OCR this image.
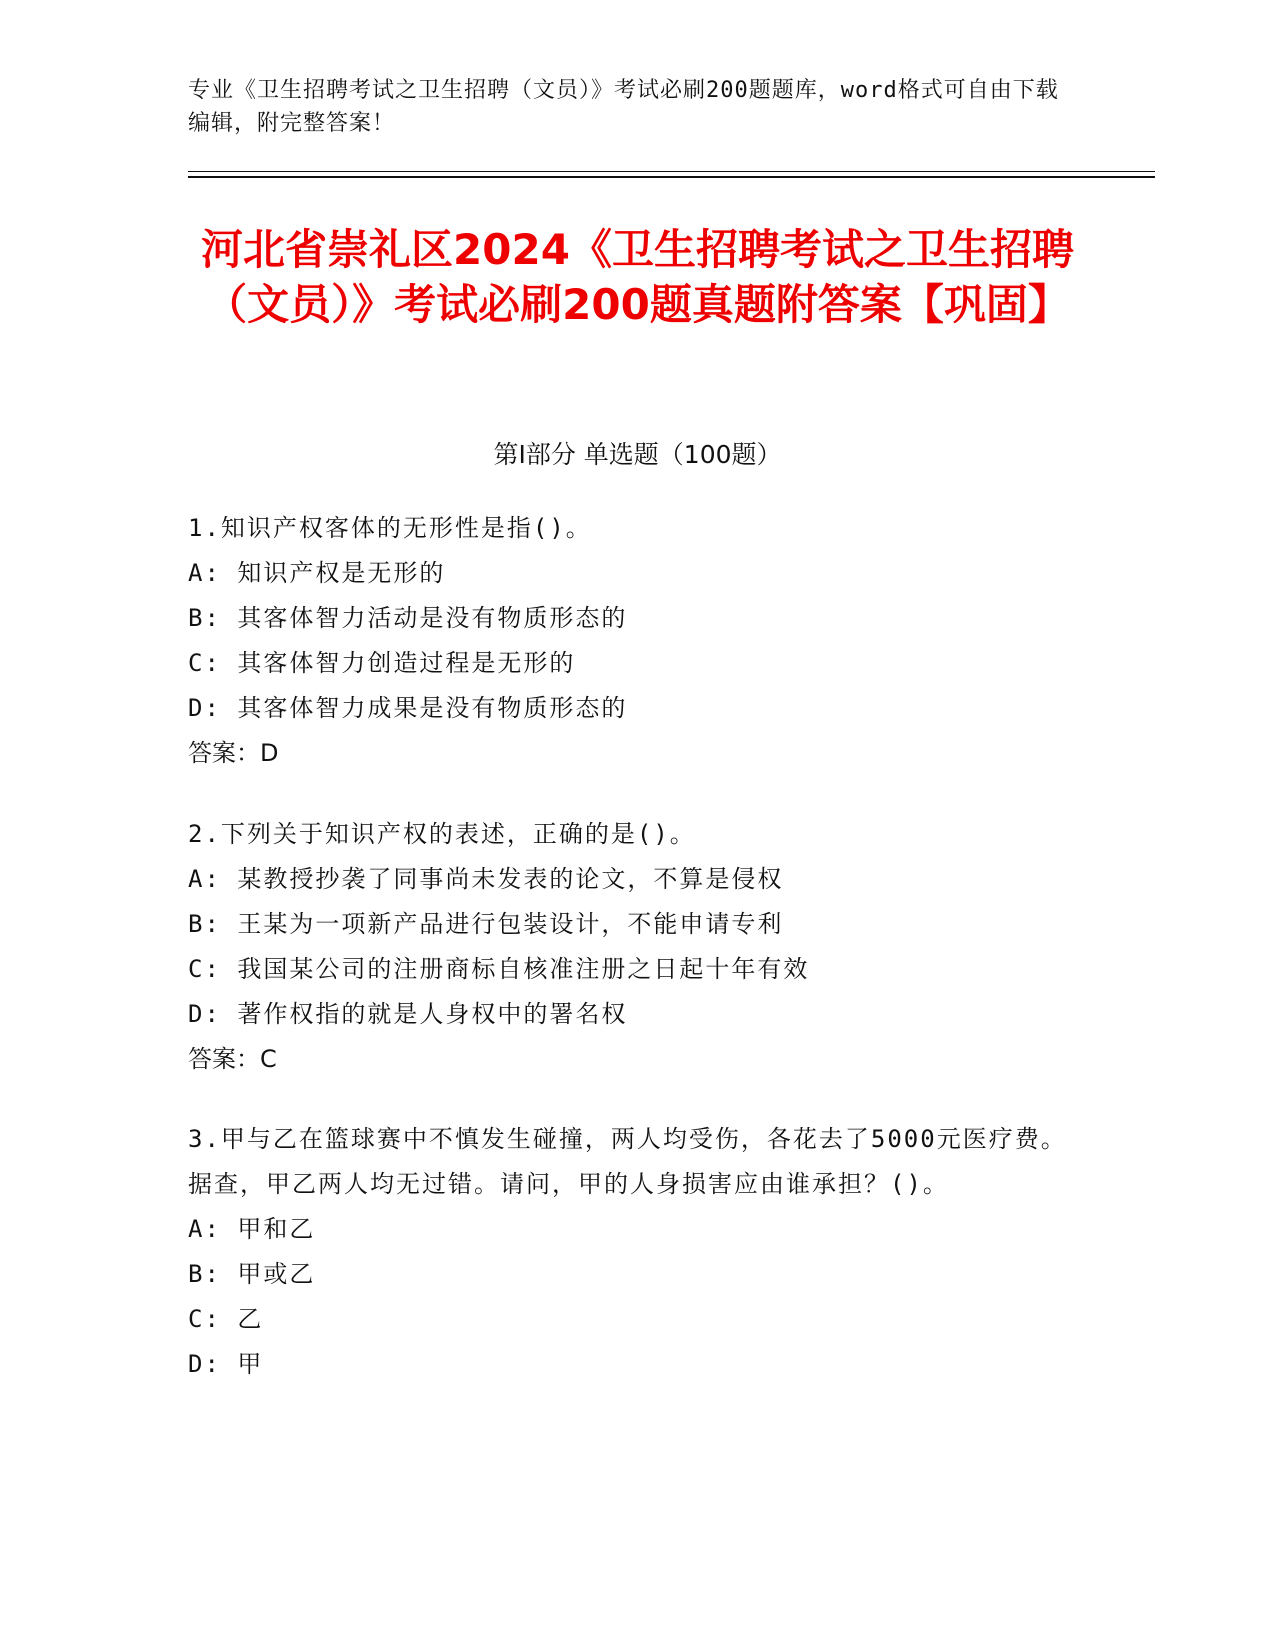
专业《卫生招聘考试之卫生招聘（文员）》考试必刷200题题库，word格式可自由下载编辑，附完整答案！
河北省崇礼区2024《卫生招聘考试之卫生招聘（文员）》考试必刷200题真题附答案【巩固】
第Ⅰ部分 单选题（100题）
1.知识产权客体的无形性是指()。
A: 知识产权是无形的
B: 其客体智力活动是没有物质形态的
C: 其客体智力创造过程是无形的
D: 其客体智力成果是没有物质形态的
答案：D
2.下列关于知识产权的表述，正确的是()。
A: 某教授抄袭了同事尚未发表的论文，不算是侵权
B: 王某为一项新产品进行包装设计，不能申请专利
C: 我国某公司的注册商标自核准注册之日起十年有效
D: 著作权指的就是人身权中的署名权
答案：C
3.甲与乙在篮球赛中不慎发生碰撞，两人均受伤，各花去了5000元医疗费。据查，甲乙两人均无过错。请问，甲的人身损害应由谁承担？()。
A: 甲和乙
B: 甲或乙
C: 乙
D: 甲
